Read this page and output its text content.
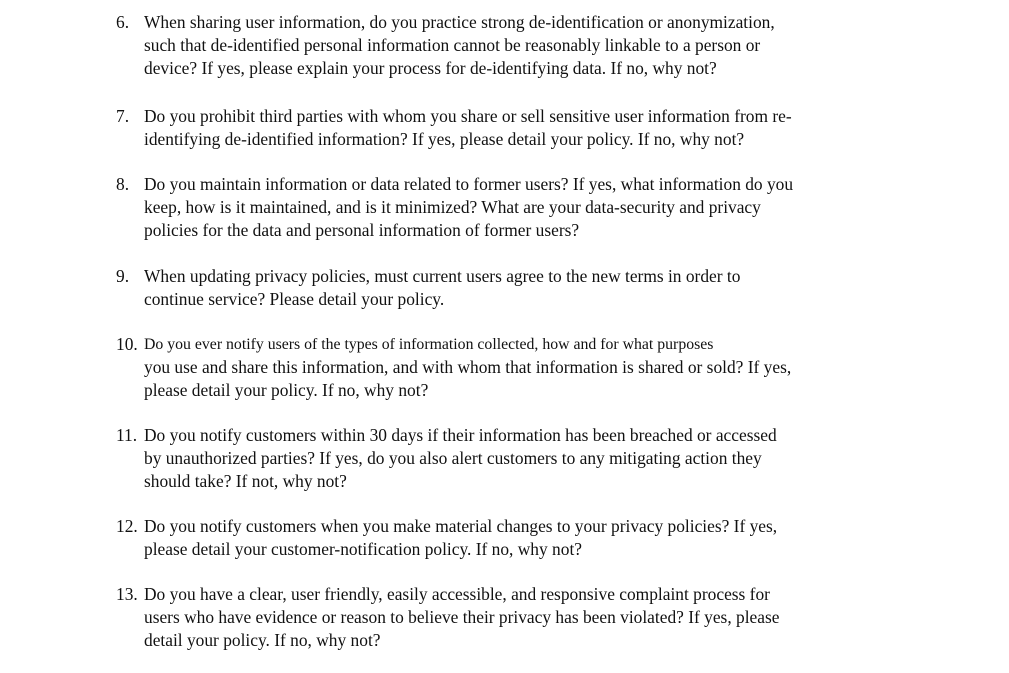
6. When sharing user information, do you practice strong de-identification or anonymization,
such that de-identified personal information cannot be reasonably linkable to a person or
device? If yes, please explain your process for de-identifying data. If no, why not?
7. Do you prohibit third parties with whom you share or sell sensitive user information from re-
identifying de-identified information? If yes, please detail your policy. If no, why not?
8. Do you maintain information or data related to former users? If yes, what information do you
keep, how is it maintained, and is it minimized? What are your data-security and privacy
policies for the data and personal information of former users?
9. When updating privacy policies, must current users agree to the new terms in order to
continue service? Please detail your policy.
10. Do you ever notify users of the types of information collected, how and for what purposes
you use and share this information, and with whom that information is shared or sold? If yes,
please detail your policy. If no, why not?
11. Do you notify customers within 30 days if their information has been breached or accessed
by unauthorized parties? If yes, do you also alert customers to any mitigating action they
should take? If not, why not?
12. Do you notify customers when you make material changes to your privacy policies? If yes,
please detail your customer-notification policy. If no, why not?
13. Do you have a clear, user friendly, easily accessible, and responsive complaint process for
users who have evidence or reason to believe their privacy has been violated? If yes, please
detail your policy. If no, why not?
